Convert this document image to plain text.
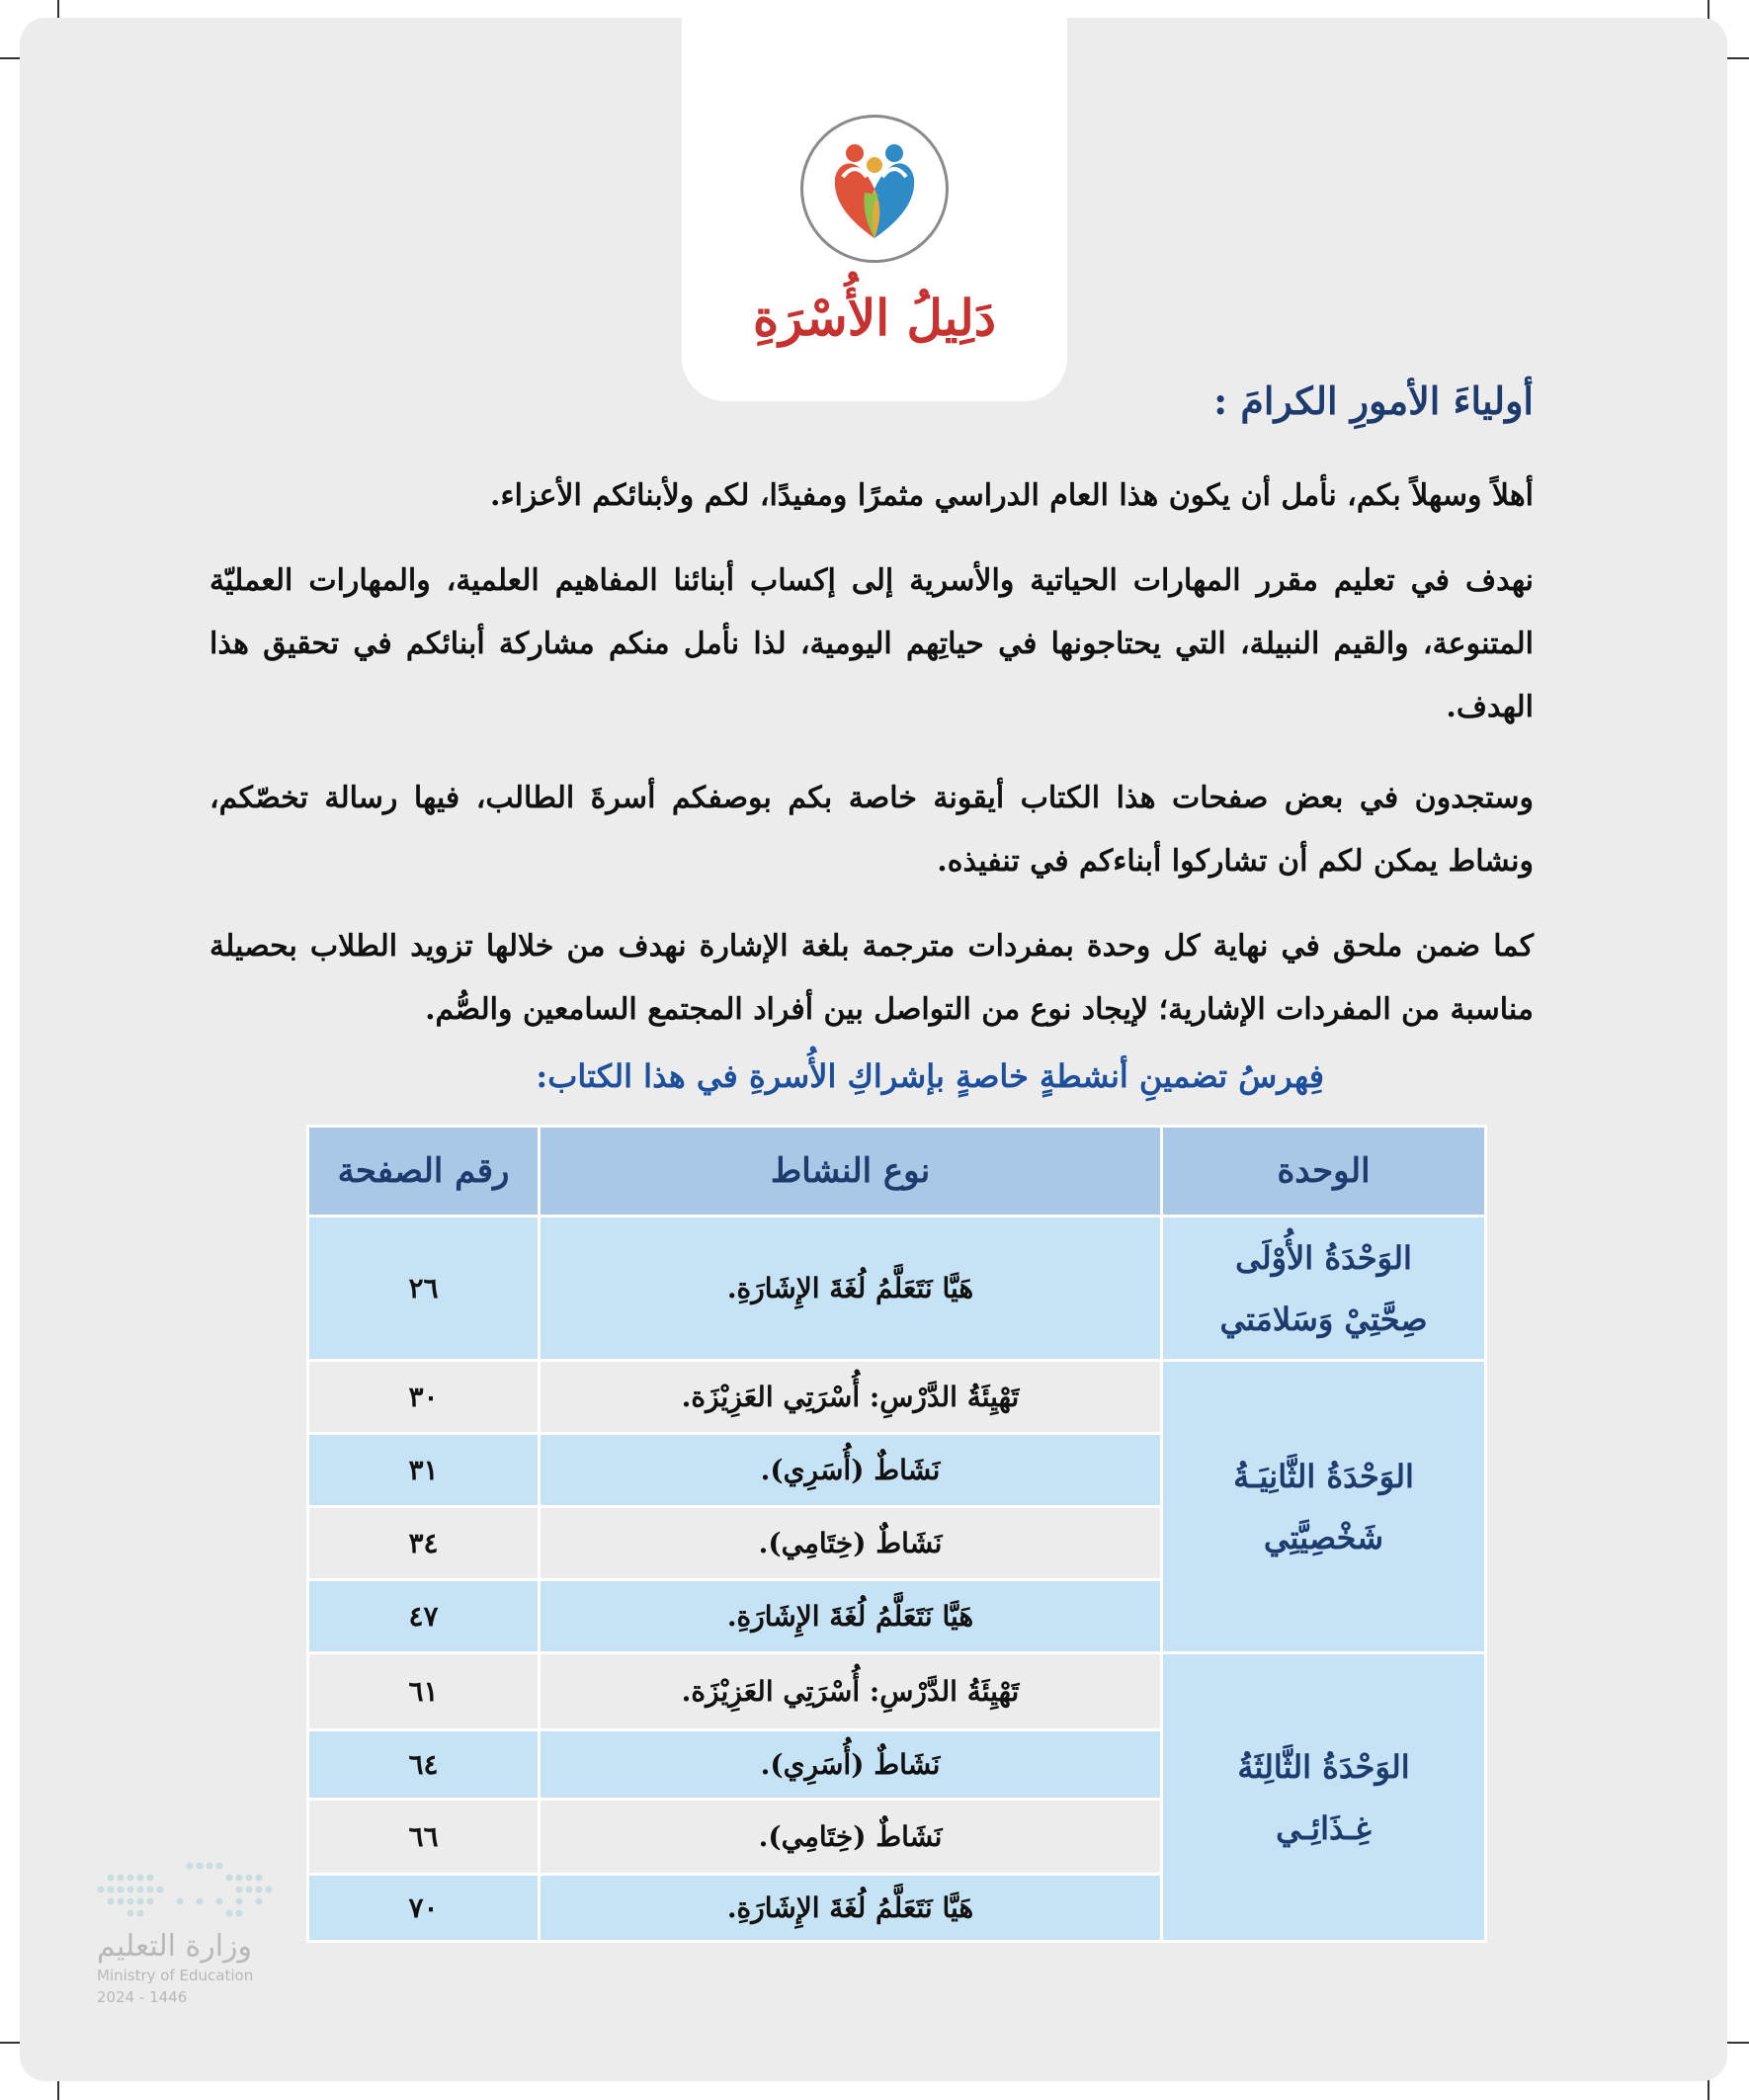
دَلِيلُ الأُسْرَةِ
أولياءَ الأمورِ الكرامَ :
أهلاً وسهلاً بكم، نأمل أن يكون هذا العام الدراسي مثمرًا ومفيدًا، لكم ولأبنائكم الأعزاء.
نهدف في تعليم مقرر المهارات الحياتية والأسرية إلى إكساب أبنائنا المفاهيم العلمية، والمهارات العمليّة المتنوعة، والقيم النبيلة، التي يحتاجونها في حياتِهم اليومية، لذا نأمل منكم مشاركة أبنائكم في تحقيق هذا الهدف.
وستجدون في بعض صفحات هذا الكتاب أيقونة خاصة بكم بوصفكم أسرةَ الطالب، فيها رسالة تخصّكم، ونشاط يمكن لكم أن تشاركوا أبناءكم في تنفيذه.
كما ضمن ملحق في نهاية كل وحدة بمفردات مترجمة بلغة الإشارة نهدف من خلالها تزويد الطلاب بحصيلة مناسبة من المفردات الإشارية؛ لإيجاد نوع من التواصل بين أفراد المجتمع السامعين والصُّم.
فِهرسُ تضمينِ أنشطةٍ خاصةٍ بإشراكِ الأُسرةِ في هذا الكتاب:
الوحدة	نوع النشاط	رقم الصفحة

الوَحْدَةُ الأُوْلَى
صِحَّتِيْ وَسَلامَتي	هَيَّا نَتَعَلَّمُ لُغَةَ الإِشَارَةِ.	٢٦

الوَحْدَةُ الثَّانِيَـةُ
شَخْصِيَّتِي	تَهْيِئَةُ الدَّرْسِ: أُسْرَتِي العَزِيْزَة.	٣٠
	نَشَاطٌ (أُسَرِي).	٣١
	نَشَاطٌ (خِتَامِي).	٣٤
	هَيَّا نَتَعَلَّمُ لُغَةَ الإِشَارَةِ.	٤٧

الوَحْدَةُ الثَّالِثَةُ
غِـذَائِـي	تَهْيِئَةُ الدَّرْسِ: أُسْرَتِي العَزِيْزَة.	٦١
	نَشَاطٌ (أُسَرِي).	٦٤
	نَشَاطٌ (خِتَامِي).	٦٦
	هَيَّا نَتَعَلَّمُ لُغَةَ الإِشَارَةِ.	٧٠
وزارة التعليم
Ministry of Education
2024 - 1446
